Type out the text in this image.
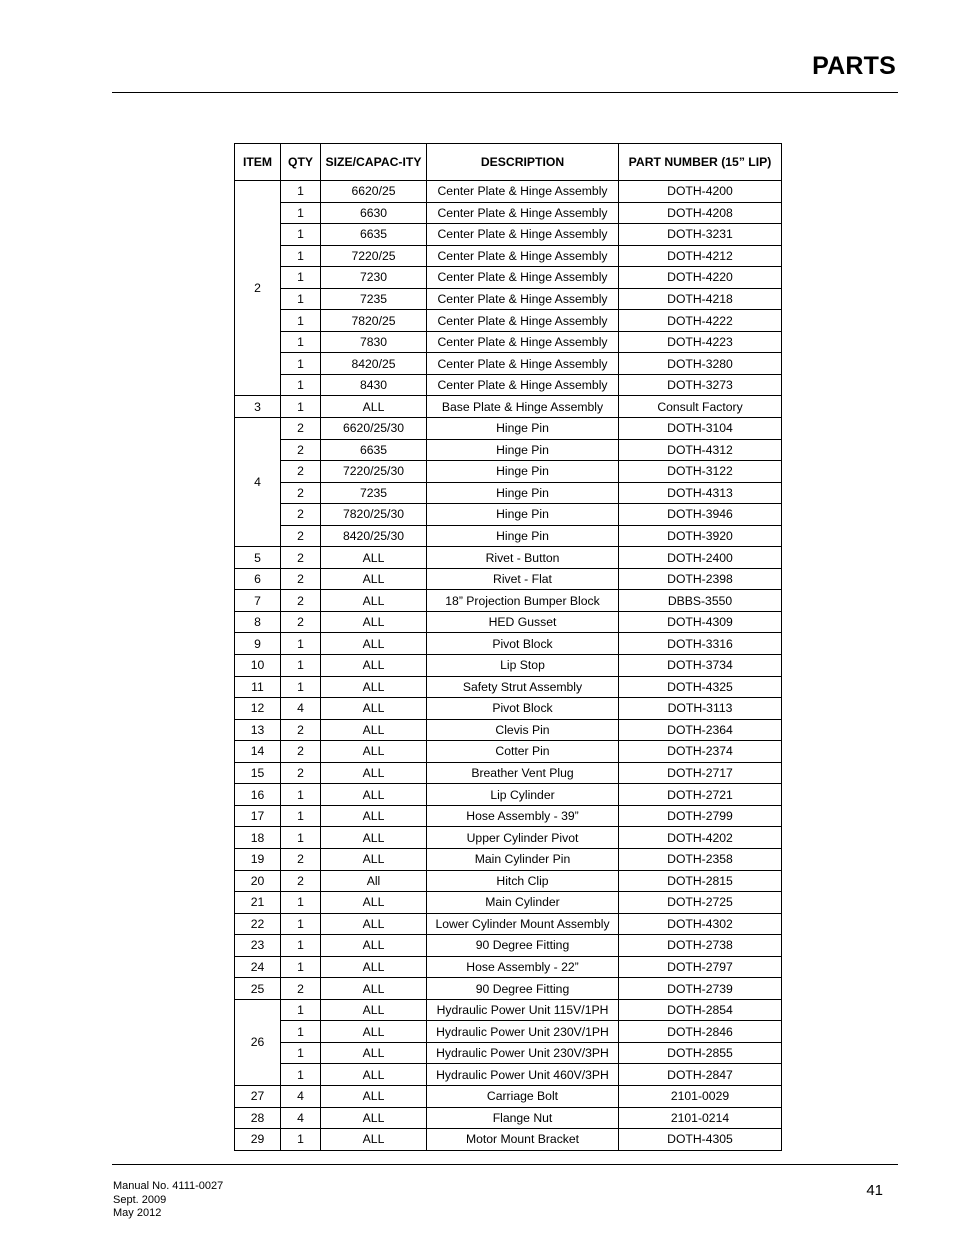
PARTS
ITEM	QTY	SIZE/CAPAC-ITY	DESCRIPTION	PART NUMBER (15” LIP)
2	1	6620/25	Center Plate & Hinge Assembly	DOTH-4200
	1	6630	Center Plate & Hinge Assembly	DOTH-4208
	1	6635	Center Plate & Hinge Assembly	DOTH-3231
	1	7220/25	Center Plate & Hinge Assembly	DOTH-4212
	1	7230	Center Plate & Hinge Assembly	DOTH-4220
	1	7235	Center Plate & Hinge Assembly	DOTH-4218
	1	7820/25	Center Plate & Hinge Assembly	DOTH-4222
	1	7830	Center Plate & Hinge Assembly	DOTH-4223
	1	8420/25	Center Plate & Hinge Assembly	DOTH-3280
	1	8430	Center Plate & Hinge Assembly	DOTH-3273
3	1	ALL	Base Plate & Hinge Assembly	Consult Factory
4	2	6620/25/30	Hinge Pin	DOTH-3104
	2	6635	Hinge Pin	DOTH-4312
	2	7220/25/30	Hinge Pin	DOTH-3122
	2	7235	Hinge Pin	DOTH-4313
	2	7820/25/30	Hinge Pin	DOTH-3946
	2	8420/25/30	Hinge Pin	DOTH-3920
5	2	ALL	Rivet - Button	DOTH-2400
6	2	ALL	Rivet - Flat	DOTH-2398
7	2	ALL	18” Projection Bumper Block	DBBS-3550
8	2	ALL	HED Gusset	DOTH-4309
9	1	ALL	Pivot Block	DOTH-3316
10	1	ALL	Lip Stop	DOTH-3734
11	1	ALL	Safety Strut Assembly	DOTH-4325
12	4	ALL	Pivot Block	DOTH-3113
13	2	ALL	Clevis Pin	DOTH-2364
14	2	ALL	Cotter Pin	DOTH-2374
15	2	ALL	Breather Vent Plug	DOTH-2717
16	1	ALL	Lip Cylinder	DOTH-2721
17	1	ALL	Hose Assembly - 39”	DOTH-2799
18	1	ALL	Upper Cylinder Pivot	DOTH-4202
19	2	ALL	Main Cylinder Pin	DOTH-2358
20	2	All	Hitch Clip	DOTH-2815
21	1	ALL	Main Cylinder	DOTH-2725
22	1	ALL	Lower Cylinder Mount Assembly	DOTH-4302
23	1	ALL	90 Degree Fitting	DOTH-2738
24	1	ALL	Hose Assembly - 22”	DOTH-2797
25	2	ALL	90 Degree Fitting	DOTH-2739
26	1	ALL	Hydraulic Power Unit 115V/1PH	DOTH-2854
	1	ALL	Hydraulic Power Unit 230V/1PH	DOTH-2846
	1	ALL	Hydraulic Power Unit 230V/3PH	DOTH-2855
	1	ALL	Hydraulic Power Unit 460V/3PH	DOTH-2847
27	4	ALL	Carriage Bolt	2101-0029
28	4	ALL	Flange Nut	2101-0214
29	1	ALL	Motor Mount Bracket	DOTH-4305
Manual No. 4111-0027
Sept. 2009
May 2012
41
